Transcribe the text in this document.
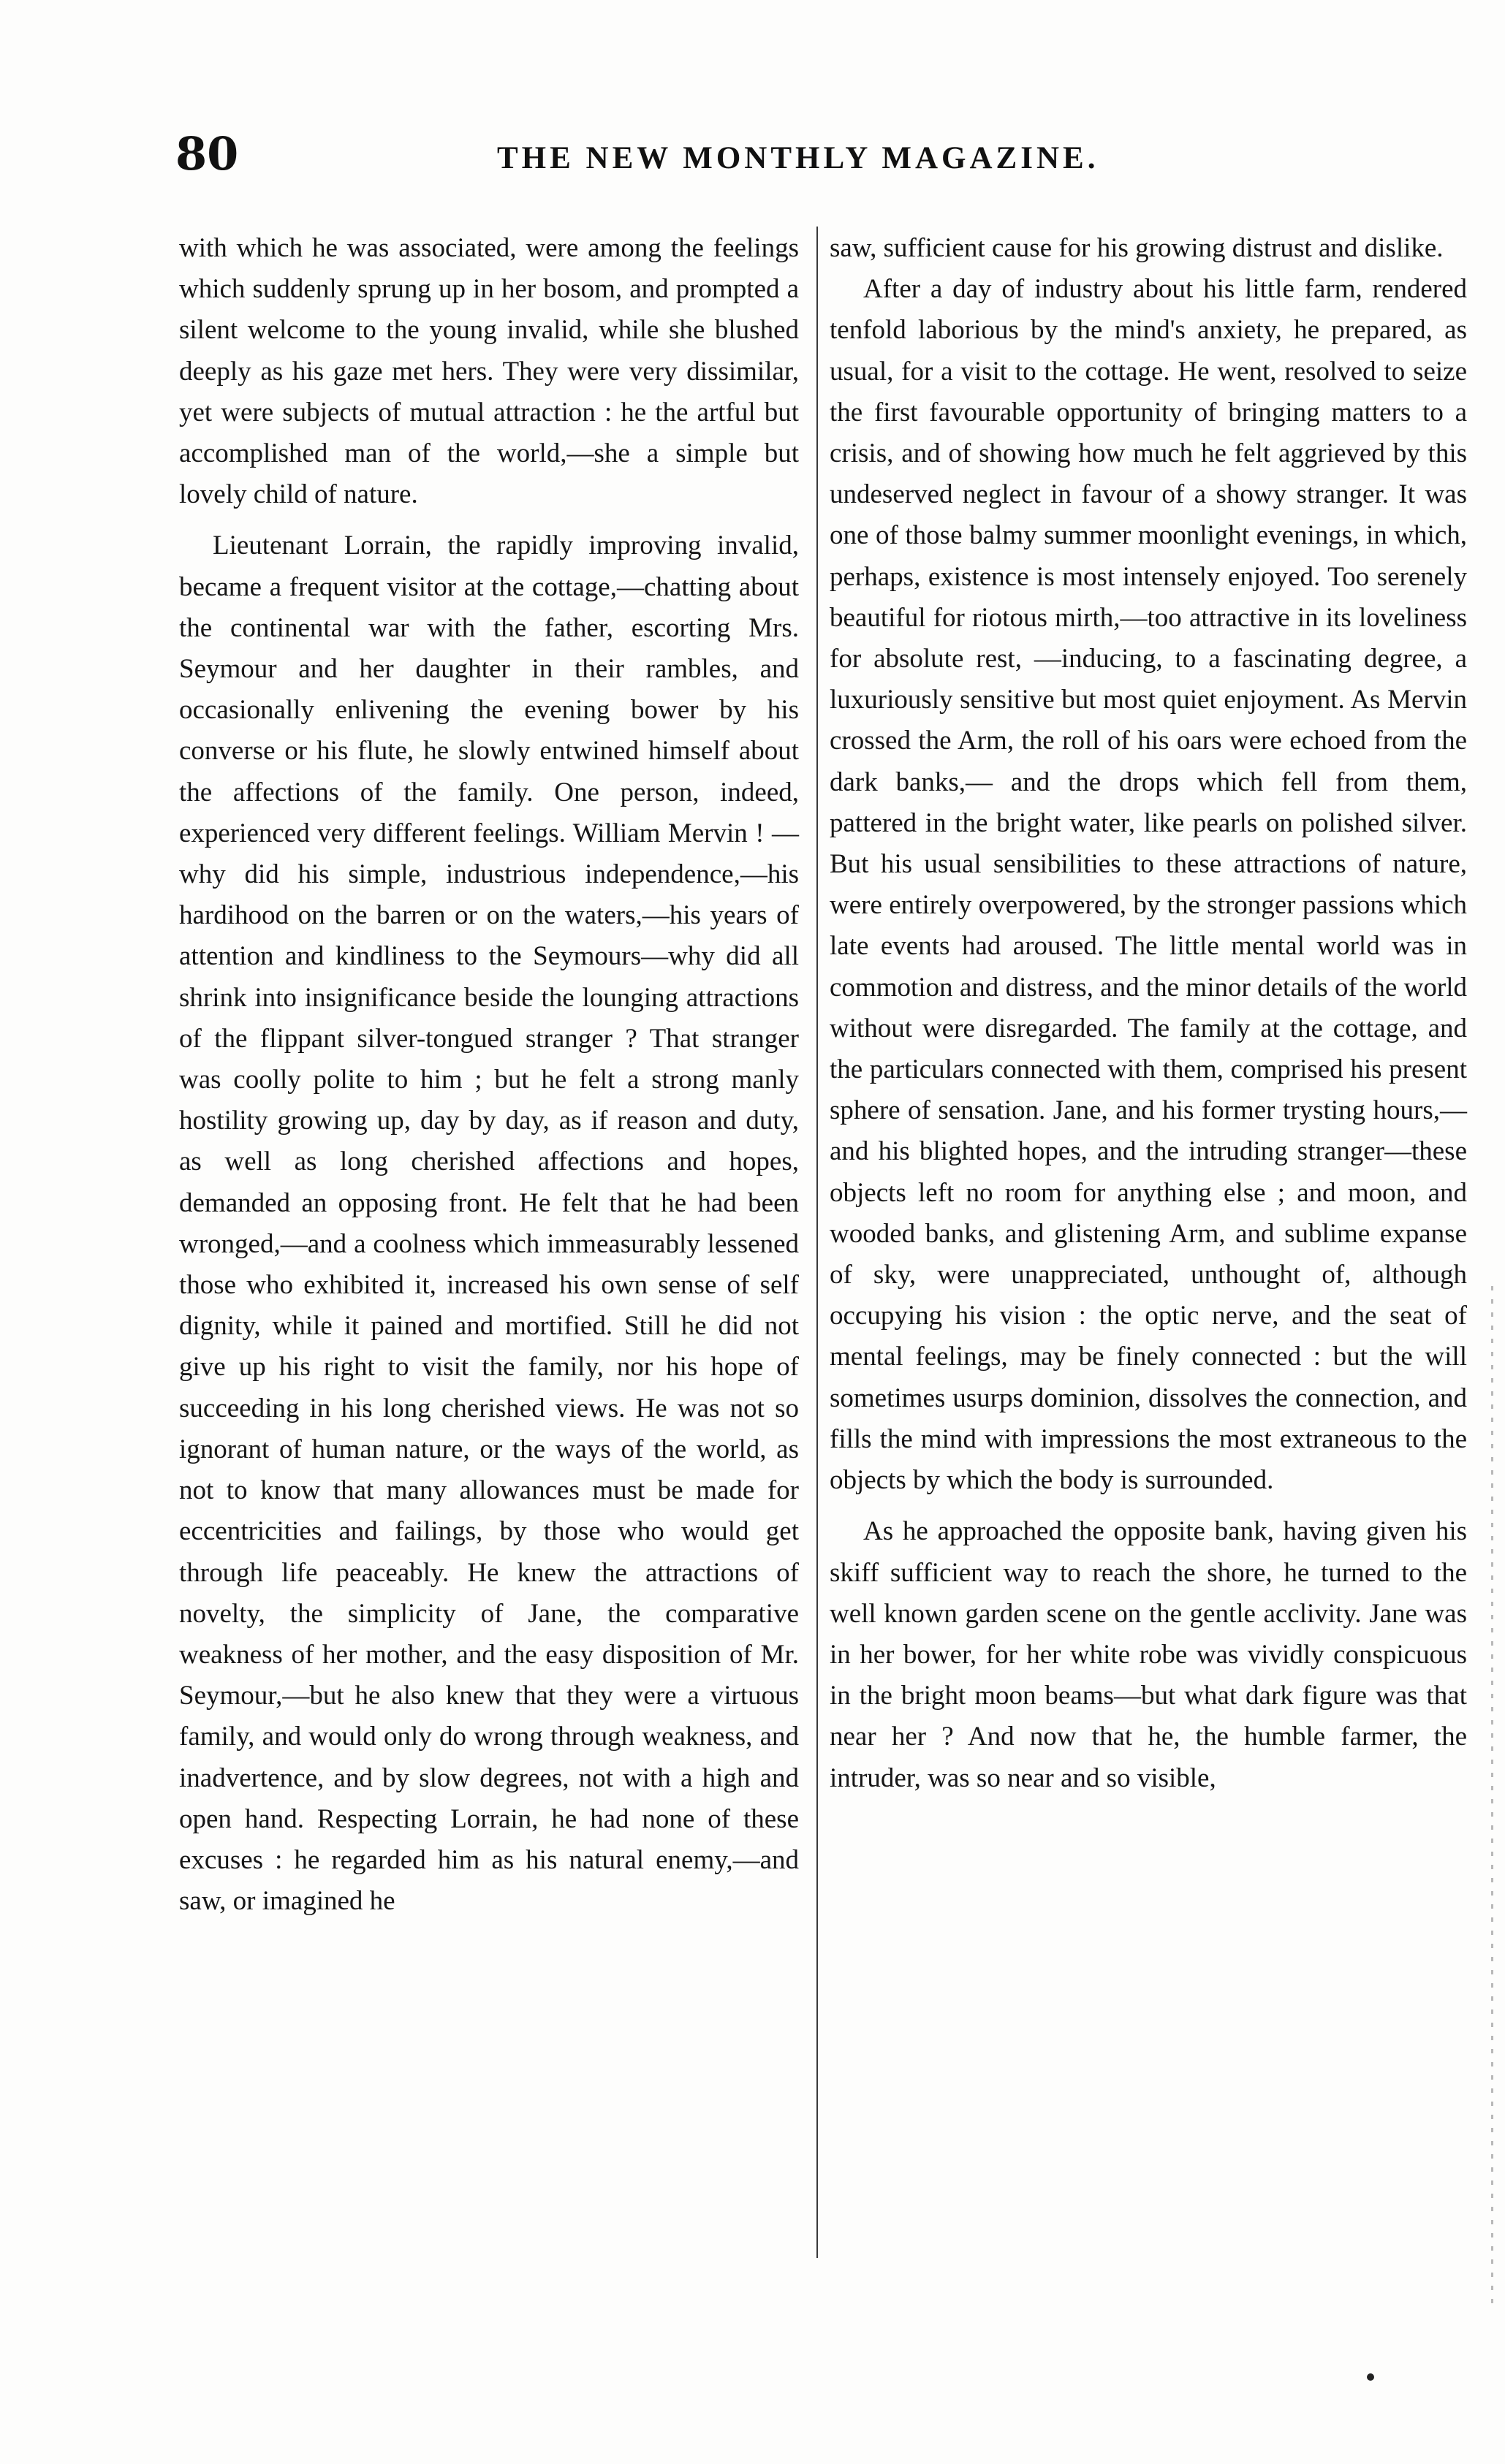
80	THE NEW MONTHLY MAGAZINE.

with which he was associated, were among the feelings which suddenly sprung up in her bosom, and prompted a silent welcome to the young invalid, while she blushed deeply as his gaze met hers. They were very dissimilar, yet were subjects of mutual attraction : he the artful but accomplished man of the world,—she a simple but lovely child of nature.

Lieutenant Lorrain, the rapidly improving invalid, became a frequent visitor at the cottage,—chatting about the continental war with the father, escorting Mrs. Seymour and her daughter in their rambles, and occasionally enlivening the evening bower by his converse or his flute, he slowly entwined himself about the affections of the family. One person, indeed, experienced very different feelings. William Mervin ! —why did his simple, industrious independence,—his hardihood on the barren or on the waters,—his years of attention and kindliness to the Seymours—why did all shrink into insignificance beside the lounging attractions of the flippant silver-tongued stranger ? That stranger was coolly polite to him ; but he felt a strong manly hostility growing up, day by day, as if reason and duty, as well as long cherished affections and hopes, demanded an opposing front. He felt that he had been wronged,—and a coolness which immeasurably lessened those who exhibited it, increased his own sense of self dignity, while it pained and mortified. Still he did not give up his right to visit the family, nor his hope of succeeding in his long cherished views. He was not so ignorant of human nature, or the ways of the world, as not to know that many allowances must be made for eccentricities and failings, by those who would get through life peaceably. He knew the attractions of novelty, the simplicity of Jane, the comparative weakness of her mother, and the easy disposition of Mr. Seymour,—but he also knew that they were a virtuous family, and would only do wrong through weakness, and inadvertence, and by slow degrees, not with a high and open hand. Respecting Lorrain, he had none of these excuses : he regarded him as his natural enemy,—and saw, or imagined he

saw, sufficient cause for his growing distrust and dislike.

After a day of industry about his little farm, rendered tenfold laborious by the mind's anxiety, he prepared, as usual, for a visit to the cottage. He went, resolved to seize the first favourable opportunity of bringing matters to a crisis, and of showing how much he felt aggrieved by this undeserved neglect in favour of a showy stranger. It was one of those balmy summer moonlight evenings, in which, perhaps, existence is most intensely enjoyed. Too serenely beautiful for riotous mirth,—too attractive in its loveliness for absolute rest, —inducing, to a fascinating degree, a luxuriously sensitive but most quiet enjoyment. As Mervin crossed the Arm, the roll of his oars were echoed from the dark banks,— and the drops which fell from them, pattered in the bright water, like pearls on polished silver. But his usual sensibilities to these attractions of nature, were entirely overpowered, by the stronger passions which late events had aroused. The little mental world was in commotion and distress, and the minor details of the world without were disregarded. The family at the cottage, and the particulars connected with them, comprised his present sphere of sensation. Jane, and his former trysting hours,—and his blighted hopes, and the intruding stranger—these objects left no room for anything else ; and moon, and wooded banks, and glistening Arm, and sublime expanse of sky, were unappreciated, unthought of, although occupying his vision : the optic nerve, and the seat of mental feelings, may be finely connected : but the will sometimes usurps dominion, dissolves the connection, and fills the mind with impressions the most extraneous to the objects by which the body is surrounded.

As he approached the opposite bank, having given his skiff sufficient way to reach the shore, he turned to the well known garden scene on the gentle acclivity. Jane was in her bower, for her white robe was vividly conspicuous in the bright moon beams—but what dark figure was that near her ? And now that he, the humble farmer, the intruder, was so near and so visible,
